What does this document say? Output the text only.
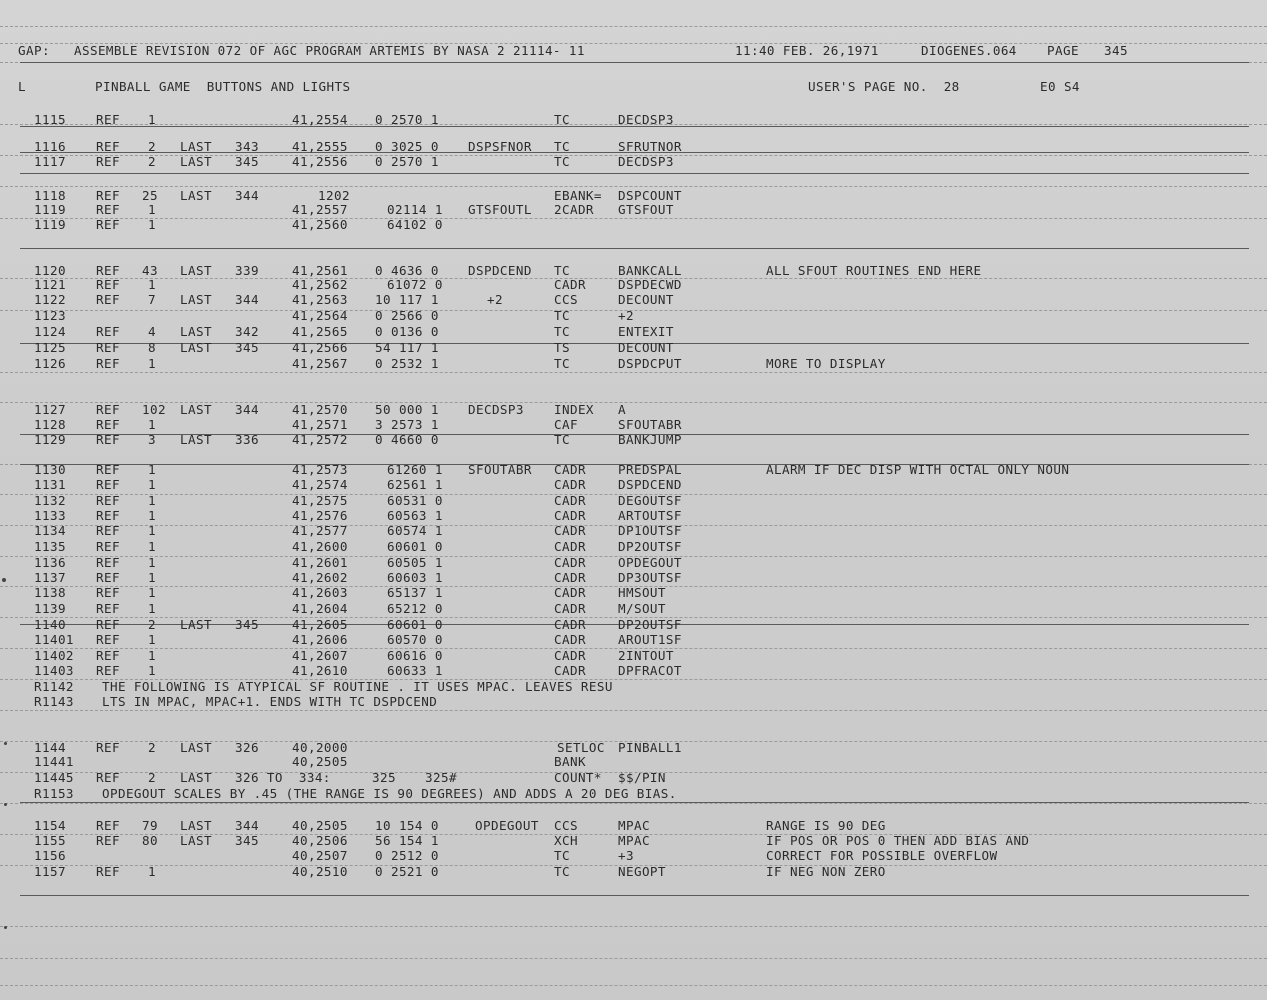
GAP:

ASSEMBLE REVISION 072 OF AGC PROGRAM ARTEMIS BY NASA 2 21114- 11

	11:40 FEB. 26,1971

	DIOGENES.064

PAGE

345

L

	PINBALL GAME  BUTTONS AND LIGHTS

	USER'S PAGE NO.  28

	E0 S4

1115 REF 1	41,2554 0 2570 1	TC	DECDSP3
1116 REF 2 LAST 343	41,2555 0 3025 0 DSPSFNOR TC	SFRUTNOR
1117 REF 2 LAST 345	41,2556 0 2570 1	TC	DECDSP3
1118 REF 25 LAST 344	1202	EBANK= DSPCOUNT
1119 REF 1	41,2557	02114 1 GTSFOUTL 2CADR GTSFOUT
1119 REF 1	41,2560	64102 0
1120 REF 43 LAST 339	41,2561 0 4636 0 DSPDCEND TC	BANKCALL	ALL SFOUT ROUTINES END HERE
1121 REF 1	41,2562	61072 0	CADR	DSPDECWD
1122 REF 7 LAST 344	41,2563 10 117 1	+2	CCS	DECOUNT
1123	41,2564 0 2566 0	TC	+2
1124 REF 4 LAST 342	41,2565 0 0136 0	TC	ENTEXIT
1125 REF 8 LAST 345	41,2566 54 117 1	TS	DECOUNT
1126 REF 1	41,2567 0 2532 1	TC	DSPDCPUT	MORE TO DISPLAY
1127 REF 102 LAST 344	41,2570 50 000 1 DECDSP3 INDEX A
1128 REF 1	41,2571 3 2573 1	CAF	SFOUTABR
1129 REF 3 LAST 336	41,2572 0 4660 0	TC	BANKJUMP
1130 REF 1	41,2573	61260 1 SFOUTABR CADR	PREDSPAL	ALARM IF DEC DISP WITH OCTAL ONLY NOUN
1131 REF 1	41,2574	62561 1	CADR	DSPDCEND
1132 REF 1	41,2575	60531 0	CADR	DEGOUTSF
1133 REF 1	41,2576	60563 1	CADR	ARTOUTSF
1134 REF 1	41,2577	60574 1	CADR	DP1OUTSF
1135 REF 1	41,2600	60601 0	CADR	DP2OUTSF
1136 REF 1	41,2601	60505 1	CADR	OPDEGOUT
1137 REF 1	41,2602	60603 1	CADR	DP3OUTSF
1138 REF 1	41,2603	65137 1	CADR	HMSOUT
1139 REF 1	41,2604	65212 0	CADR	M/SOUT
1140 REF 2 LAST 345	41,2605	60601 0	CADR	DP2OUTSF
11401 REF 1	41,2606	60570 0	CADR	AROUT1SF
11402 REF 1	41,2607	60616 0	CADR	2INTOUT
11403 REF 1	41,2610	60633 1	CADR	DPFRACOT
R1142 THE FOLLOWING IS ATYPICAL SF ROUTINE . IT USES MPAC. LEAVES RESU
R1143 LTS IN MPAC, MPAC+1. ENDS WITH TC DSPDCEND
1144 REF 2 LAST 326	40,2000	SETLOC PINBALL1
11441	40,2505	BANK
11445 REF 2 LAST 326 TO  334:	325 325#	COUNT* $$/PIN
R1153 OPDEGOUT SCALES BY .45 (THE RANGE IS 90 DEGREES) AND ADDS A 20 DEG BIAS.
1154 REF 79 LAST 344	40,2505 10 154 0	OPDEGOUT CCS	MPAC	RANGE IS 90 DEG
1155 REF 80 LAST 345	40,2506 56 154 1	XCH	MPAC	IF POS OR POS 0 THEN ADD BIAS AND
1156	40,2507 0 2512 0	TC	+3	CORRECT FOR POSSIBLE OVERFLOW
1157 REF 1	40,2510 0 2521 0	TC	NEGOPT	IF NEG NON ZERO
